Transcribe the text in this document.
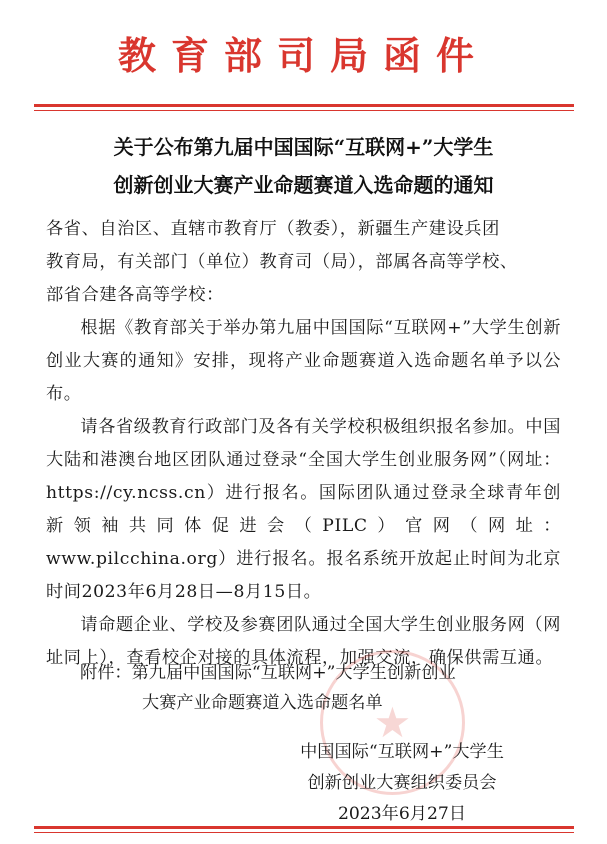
教育部司局函件
关于公布第九届中国国际“互联网+”大学生
创新创业大赛产业命题赛道入选命题的通知

各省、自治区、直辖市教育厅（教委），新疆生产建设兵团

教育局，有关部门（单位）教育司（局），部属各高等学校、

部省合建各高等学校：

根据《教育部关于举办第九届中国国际“互联网+”大学生创新创业大赛的通知》安排，现将产业命题赛道入选命题名单予以公布。

请各省级教育行政部门及各有关学校积极组织报名参加。中国大陆和港澳台地区团队通过登录“全国大学生创业服务网”（网址：https://cy.ncss.cn）进行报名。国际团队通过登录全球青年创新领袖共同体促进会（PILC）官网（网址：www.pilcchina.org）进行报名。报名系统开放起止时间为北京时间2023年6月28日—8月15日。

请命题企业、学校及参赛团队通过全国大学生创业服务网（网址同上），查看校企对接的具体流程，加强交流，确保供需互通。

★
附件：第九届中国国际“互联网+”大学生创新创业
大赛产业命题赛道入选命题名单
中国国际“互联网+”大学生
创新创业大赛组织委员会
2023年6月27日
